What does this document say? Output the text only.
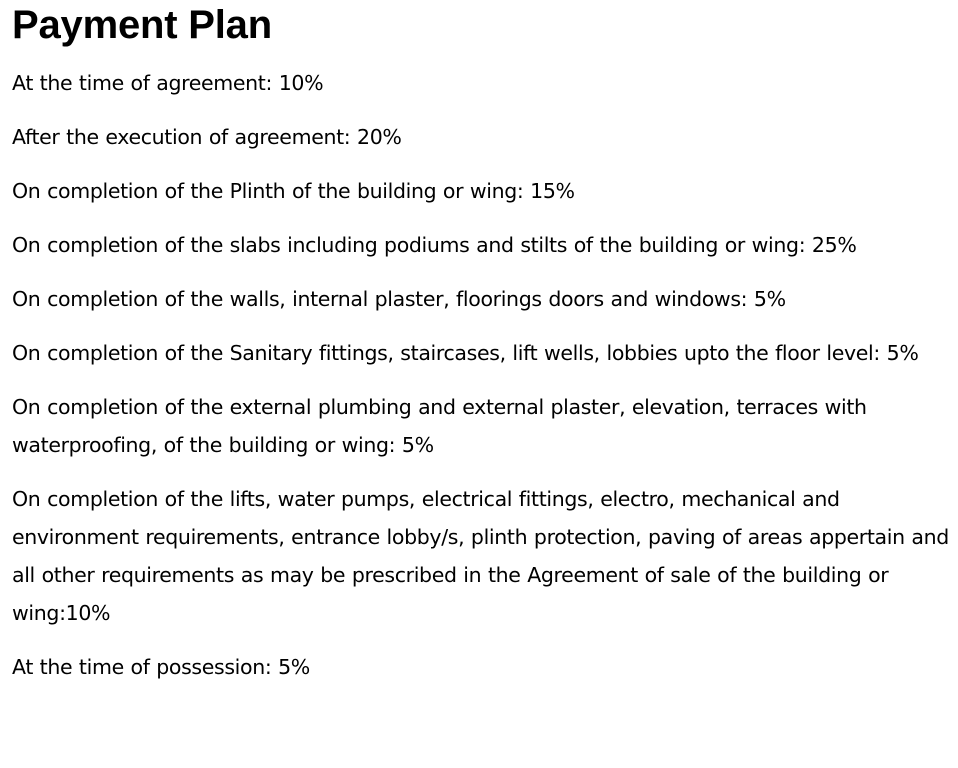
Payment Plan
At the time of agreement: 10%
After the execution of agreement: 20%
On completion of the Plinth of the building or wing: 15%
On completion of the slabs including podiums and stilts of the building or wing: 25%
On completion of the walls, internal plaster, floorings doors and windows: 5%
On completion of the Sanitary fittings, staircases, lift wells, lobbies upto the floor level: 5%
On completion of the external plumbing and external plaster, elevation, terraces with waterproofing, of the building or wing: 5%
On completion of the lifts, water pumps, electrical fittings, electro, mechanical and environment requirements, entrance lobby/s, plinth protection, paving of areas appertain and all other requirements as may be prescribed in the Agreement of sale of the building or wing:10%
At the time of possession: 5%
